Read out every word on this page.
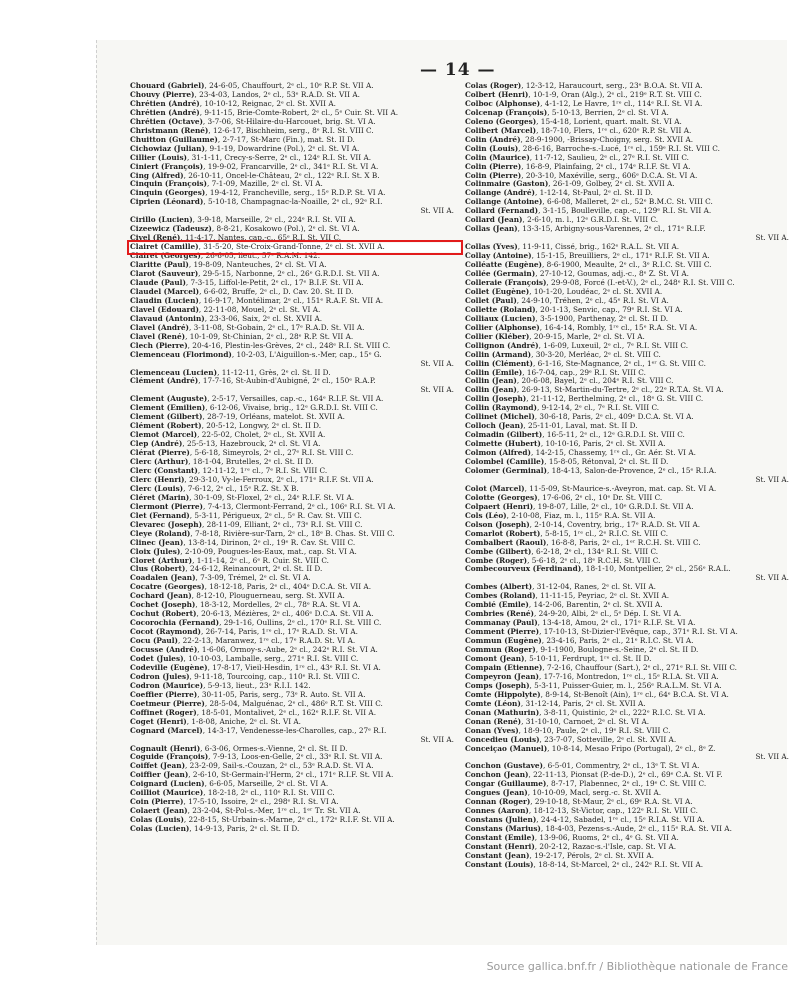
— 14 —
Chouard (Gabriel), 24-6-05, Chauffourt, 2ᵉ cl., 10ᵉ R.P. St. VII A.
Chouvy (Pierre), 23-4-03, Landos, 2ᵉ cl., 53ᵉ R.A.D. St. VII A.
Chrétien (André), 10-10-12, Reignac, 2ᵉ cl. St. XVII A.
Chrétien (André), 9-11-15, Brie-Comte-Robert, 2ᵉ cl., 5ᵉ Cuir. St. VII A.
Chrétien (Octave), 3-7-06, St-Hilaire-du-Harcouet, brig. St. VI A.
Christmann (René), 12-6-17, Bischheim, serg., 8ᵉ R.I. St. VIII C.
Chuitton (Guillaume), 2-7-17, St-Marc (Fin.), mat. St. II D.
Cichowiaz (Julian), 9-1-19, Dowardrine (Pol.), 2ᵉ cl. St. VI A.
Cillier (Louis), 31-1-11, Crecy-s-Serre, 2ᵉ cl., 124ᵉ R.I. St. VII A.
Ciniert (François), 19-9-02, Francarville, 2ᵉ cl., 341ᵉ R.I. St. VI A.
Cing (Alfred), 26-10-11, Oncel-le-Château, 2ᵉ cl., 122ᵉ R.I. St. X B.
Cinquin (François), 7-1-09, Mazille, 2ᵉ cl. St. VI A.
Cinquin (Georges), 19-4-12, Francheville, serg., 15ᵉ R.D.P. St. VI A.
Ciprien (Léonard), 5-10-18, Champagnac-la-Noaille, 2ᵉ cl., 92ᵉ R.I.
St. VII A.
Cirillo (Lucien), 3-9-18, Marseille, 2ᵉ cl., 224ᵉ R.I. St. VII A.
Cizeewicz (Tadeusz), 8-8-21, Kosakowo (Pol.), 2ᵉ cl. St. VI A.
Civel (René), 11-4-17, Nantes, cap.-c., 65ᵉ R.I. St. VII C.
Clairet (Camille), 31-5-20, Ste-Croix-Grand-Tonne, 2ᵉ cl. St. XVII A.
Clairet (Georges), 26-6-05, lieut., 57ᵉ R.A.M. 142.
Claritte (Paul), 19-8-09, Nanteuches, 2ᵉ cl. St. VI A.
Clarot (Sauveur), 29-5-15, Narbonne, 2ᵉ cl., 26ᵉ G.R.D.I. St. VII A.
Claude (Paul), 7-3-15, Liffol-le-Petit, 2ᵉ cl., 17ᵉ B.I.F. St. VII A.
Claudel (Marcel), 6-6-02, Bruffe, 2ᵉ cl., D. Cav. 20. St. II D.
Claudin (Lucien), 16-9-17, Montélimar, 2ᵉ cl., 151ᵉ R.A.F. St. VII A.
Clavel (Edouard), 22-11-08, Mouel, 2ᵉ cl. St. VI A.
Clavaud (Antonin), 23-3-06, Saix, 2ᵉ cl. St. XVII A.
Clavel (André), 3-11-08, St-Gobain, 2ᵉ cl., 17ᵉ R.A.D. St. VII A.
Clavel (René), 10-1-09, St-Chinian, 2ᵉ cl., 28ᵉ R.P. St. VII A.
Clech (Pierre), 20-4-16, Plestin-les-Grèves, 2ᵉ cl., 248ᵉ R.I. St. VIII C.
Clemenceau (Florimond), 10-2-03, L'Aiguillon-s.-Mer, cap., 15ᵉ G.
St. VII A.
Clemenceau (Lucien), 11-12-11, Grès, 2ᵉ cl. St. II D.
Clément (André), 17-7-16, St-Aubin-d'Aubigné, 2ᵉ cl., 150ᵉ R.A.P.
St. VII A.
Clement (Auguste), 2-5-17, Versailles, cap.-c., 164ᵉ R.I.F. St. VII A.
Clement (Emilien), 6-12-06, Vivaise, brig., 12ᵉ G.R.D.I. St. VIII C.
Clement (Gilbert), 28-7-19, Orléans, matelot. St. XVII A.
Clément (Robert), 20-5-12, Longwy, 2ᵉ cl. St. II D.
Clemot (Marcel), 22-5-02, Cholet, 2ᵉ cl., St. XVII A.
Clep (André), 25-5-13, Hazebrouck, 2ᵉ cl. St. VI A.
Clérat (Pierre), 5-6-18, Simeyrols, 2ᵉ cl., 27ᵉ R.I. St. VIII C.
Clerc (Arthur), 18-1-04, Brutelles, 2ᵉ cl. St. II D.
Clerc (Constant), 12-11-12, 1ʳᵉ cl., 7ᵉ R.I. St. VIII C.
Clerc (Henri), 29-3-10, Vy-le-Ferroux, 2ᵉ cl., 171ᵉ R.I.F. St. VII A.
Clerc (Louis), 7-6-12, 2ᵉ cl., 15ᵉ R.Z. St. X B.
Cléret (Marin), 30-1-09, St-Floxel, 2ᵉ cl., 24ᵉ R.I.F. St. VI A.
Clermont (Pierre), 7-4-13, Clermont-Ferrand, 2ᵉ cl., 106ᵉ R.I. St. VI A.
Clet (Fernand), 5-3-11, Périgueux, 2ᵉ cl., 5ᵉ R. Cav. St. VIII C.
Clevarec (Joseph), 28-11-09, Elliant, 2ᵉ cl., 73ᵉ R.I. St. VIII C.
Cleye (Roland), 7-8-18, Rivière-sur-Tarn, 2ᵉ cl., 18ᵉ B. Chas. St. VIII C.
Clinec (Jean), 13-8-14, Dirinon, 2ᵉ cl., 19ᵉ R. Cav. St. VIII C.
Cloix (Jules), 2-10-09, Pougues-les-Eaux, mat., cap. St. VI A.
Cloret (Arthur), 1-11-14, 2ᵉ cl., 6ᵉ R. Cuir. St. VIII C.
Clus (Robert), 24-6-12, Reinancourt, 2ᵉ cl. St. II D.
Coadalen (Jean), 7-3-09, Trémel, 2ᵉ cl. St. VI A.
Cocatre (Georges), 18-12-18, Paris, 2ᵉ cl., 404ᵉ D.C.A. St. VII A.
Cochard (Jean), 8-12-10, Plouguerneau, serg. St. XVII A.
Cochet (Joseph), 18-3-12, Mordelles, 2ᵉ cl., 78ᵉ R.A. St. VI A.
Cochut (Robert), 20-6-13, Mézières, 2ᵉ cl., 406ᵉ D.C.A. St. VII A.
Cocorochia (Fernand), 29-1-16, Oullins, 2ᵉ cl., 170ᵉ R.I. St. VIII C.
Cocot (Raymond), 26-7-14, Paris, 1ʳᵉ cl., 17ᵉ R.A.D. St. VI A.
Cocu (Paul), 22-2-13, Maranwez, 1ʳᵉ cl., 17ᵉ R.A.D. St. VI A.
Cocusse (André), 1-6-06, Ormoy-s.-Aube, 2ᵉ cl., 242ᵉ R.I. St. VI A.
Codet (Jules), 10-10-03, Lamballe, serg., 271ᵉ R.I. St. VIII C.
Codeville (Eugène), 17-8-17, Vieil-Hesdin, 1ʳᵉ cl., 43ᵉ R.I. St. VI A.
Codron (Jules), 9-11-18, Tourcoing, cap., 110ᵉ R.I. St. VIII C.
Codron (Maurice), 5-9-13, lieut., 23ᵉ R.I.I. 142.
Coeffier (Pierre), 30-11-05, Paris, serg., 73ᵉ R. Auto. St. VII A.
Coetmeur (Pierre), 28-5-04, Malguénac, 2ᵉ cl., 486ᵉ R.T. St. VIII C.
Coffinet (Roger), 18-5-01, Montalivet, 2ᵉ cl., 162ᵉ R.I.F. St. VII A.
Coget (Henri), 1-8-08, Aniche, 2ᵉ cl. St. VI A.
Cognard (Marcel), 14-3-17, Vendenesse-les-Charolles, cap., 27ᵉ R.I.
St. VII A.
Cognault (Henri), 6-3-06, Ormes-s.-Vienne, 2ᵉ cl. St. II D.
Coguide (François), 7-9-13, Loos-en-Gelle, 2ᵉ cl., 33ᵉ R.I. St. VII A.
Coiffet (Jean), 23-2-09, Sail-s.-Couzan, 2ᵉ cl., 53ᵉ R.A.D. St. VI A.
Coiffier (Jean), 2-6-10, St-Germain-l'Herm, 2ᵉ cl., 171ᵉ R.I.F. St. VII A.
Coignard (Lucien), 6-6-05, Marseille, 2ᵉ cl. St. VI A.
Coilliot (Maurice), 18-2-18, 2ᵉ cl., 110ᵉ R.I. St. VIII C.
Coin (Pierre), 17-5-10, Issoire, 2ᵉ cl., 298ᵉ R.I. St. VI A.
Colaert (Jean), 23-2-04, St-Pol-s.-Mer, 1ʳᵉ cl., 1ᵉʳ Tr. St. VII A.
Colas (Louis), 22-8-15, St-Urbain-s.-Marne, 2ᵉ cl., 172ᵉ R.I.F. St. VII A.
Colas (Lucien), 14-9-13, Paris, 2ᵉ cl. St. II D.
Colas (Roger), 12-3-12, Haraucourt, serg., 23ᵉ B.O.A. St. VII A.
Colbert (Henri), 10-1-9, Oran (Alg.), 2ᵉ cl., 219ᵉ R.T. St. VIII C.
Colboc (Alphonse), 4-1-12, Le Havre, 1ʳᵉ cl., 114ᵉ R.I. St. VI A.
Colcenap (François), 5-10-13, Berrien, 2ᵉ cl. St. VI A.
Coleno (Georges), 15-4-18, Lorient, quart. malt. St. VI A.
Colibert (Marcel), 18-7-10, Flers, 1ʳᵉ cl., 620ᵉ R.P. St. VII A.
Colin (André), 28-9-1900, -Brissay-Choigny, serg. St. XVII A.
Colin (Louis), 28-6-16, Barroche-s.-Lucé, 1ʳᵉ cl., 159ᵉ R.I. St. VIII C.
Colin (Maurice), 11-7-12, Saulieu, 2ᵉ cl., 27ᵉ R.I. St. VIII C.
Colin (Pierre), 16-8-9, Plainfaing, 2ᵉ cl., 174ᵉ R.I.F. St. VI A.
Colin (Pierre), 20-3-10, Maxéville, serg., 606ᵉ D.C.A. St. VI A.
Colinmaire (Gaston), 26-1-09, Golbey, 2ᵉ cl. St. XVII A.
Collange (André), 1-12-14, St-Paul, 2ᵉ cl. St. II D.
Collange (Antoine), 6-6-08, Malleret, 2ᵉ cl., 52ᵉ B.M.C. St. VIII C.
Collard (Fernand), 3-1-15, Boulleville, cap.-c., 129ᵉ R.I. St. VII A.
Collard (Jean), 2-6-10, m. l., 12ᵉ G.R.D.I. St. VIII C.
Collas (Jean), 13-3-15, Arbigny-sous-Varennes, 2ᵉ cl., 171ᵉ R.I.F.
St. VII A.
Collas (Yves), 11-9-11, Cissé, brig., 162ᵉ R.A.L. St. VII A.
Collay (Antoine), 15-1-15, Breuilliers, 2ᵉ cl., 171ᵉ R.I.F. St. VII A.
Colléatte (Eugène), 8-6-1900, Meaulte, 2ᵉ cl., 3ᵉ R.I.C. St. VIII C.
Collée (Germain), 27-10-12, Goumas, adj.-c., 8ᵉ Z. St. VI A.
Colleraie (François), 29-9-08, Forcé (I.-et-V.), 2ᵉ cl., 248ᵉ R.I. St. VIII C.
Collet (Eugène), 10-1-20, Loudéac, 2ᵉ cl. St. XVII A.
Collet (Paul), 24-9-10, Tréhen, 2ᵉ cl., 45ᵉ R.I. St. VI A.
Collette (Roland), 20-1-13, Senvic, cap., 79ᵉ R.I. St. VI A.
Colliaux (Lucien), 3-5-1900, Parthenay, 2ᵉ cl. St. II D.
Collier (Alphonse), 16-4-14, Rombly, 1ʳᵉ cl., 15ᵉ R.A. St. VI A.
Collier (Kléber), 20-9-15, Marle, 2ᵉ cl. St. VI A.
Collignon (André), 1-6-09, Luxeuil, 2ᵉ cl., 7ᵉ R.I. St. VIII C.
Collin (Armand), 30-3-20, Merléac, 2ᵉ cl. St. VIII C.
Collin (Clément), 6-1-16, Ste-Magnance, 2ᵉ cl., 1ᵉʳ G. St. VIII C.
Collin (Emile), 16-7-04, cap., 29ᵉ R.I. St. VIII C.
Collin (Jean), 20-6-08, Bayel, 2ᵉ cl., 204ᵉ R.I. St. VIII C.
Collin (Jean), 26-9-13, St-Martin-du-Tertre, 2ᵉ cl., 22ᵉ R.T.A. St. VI A.
Collin (Joseph), 21-11-12, Berthelming, 2ᵉ cl., 18ᵉ G. St. VIII C.
Collin (Raymond), 9-12-14, 2ᵉ cl., 7ᵉ R.I. St. VIII C.
Collinet (Michel), 30-6-18, Paris, 2ᵉ cl., 409ᵉ D.C.A. St. VI A.
Colloch (Jean), 25-11-01, Laval, mat. St. II D.
Colmadin (Gilbert), 16-5-11, 2ᵉ cl., 12ᵉ G.R.D.I. St. VIII C.
Colmette (Hubert), 10-10-16, Paris, 2ᵉ cl. St. XVII A.
Colmon (Alfred), 14-2-15, Chassemy, 1ʳᵉ cl., Gr. Aér. St. VI A.
Colombel (Camille), 15-8-05, Rétonval, 2ᵉ cl. St. II D.
Colomer (Germinal), 18-4-13, Salon-de-Provence, 2ᵉ cl., 15ᵉ R.I.A.
St. VII A.
Colot (Marcel), 11-5-09, St-Maurice-s.-Aveyron, mat. cap. St. VI A.
Colotte (Georges), 17-6-06, 2ᵉ cl., 10ᵉ Dr. St. VIII C.
Colpaert (Henri), 19-8-07, Lille, 2ᵉ cl., 10ᵉ G.R.D.I. St. VII A.
Cols (Léo), 2-10-08, Fiaz, m. l., 115ᵉ R.A. St. VII A.
Colson (Joseph), 2-10-14, Coventry, brig., 17ᵉ R.A.D. St. VII A.
Comarlot (Robert), 5-8-15, 1ʳᵉ cl., 2ᵉ R.I.C. St. VIII C.
Combalbert (Raoul), 16-8-8, Paris, 2ᵉ cl., 1ᵉʳ R.C.H. St. VIII C.
Combe (Gilbert), 6-2-18, 2ᵉ cl., 134ᵉ R.I. St. VIII C.
Combe (Roger), 5-6-18, 2ᵉ cl., 18ᵉ R.C.H. St. VIII C.
Combecourveux (Ferdinand), 18-1-10, Montpellier, 2ᵉ cl., 256ᵉ R.A.L.
St. VII A.
Combes (Albert), 31-12-04, Ranes, 2ᵉ cl. St. VII A.
Combes (Roland), 11-11-15, Peyriac, 2ᵉ cl. St. XVII A.
Combié (Emile), 14-2-06, Barentin, 2ᵉ cl. St. XVII A.
Combries (René), 24-9-20, Albi, 2ᵉ cl., 5ᵉ Dép. I. St. VI A.
Commanay (Paul), 13-4-18, Amou, 2ᵉ cl., 171ᵉ R.I.F. St. VI A.
Comment (Pierre), 17-10-13, St-Dizier-l'Evêque, cap., 371ᵉ R.I. St. VI A.
Commun (Eugène), 23-4-16, Paris, 2ᵉ cl., 21ᵉ R.I.C. St. VI A.
Commun (Roger), 9-1-1900, Boulogne-s.-Seine, 2ᵉ cl. St. II D.
Comont (Jean), 5-10-11, Ferdrupt, 1ʳᵉ cl. St. II D.
Compain (Etienne), 7-2-16, Chauffour (Sart.), 2ᵉ cl., 271ᵉ R.I. St. VIII C.
Compeyron (Jean), 17-7-16, Montredon, 1ʳᵉ cl., 15ᵉ R.I.A. St. VII A.
Comps (Joseph), 5-3-11, Puisser-Guier, m. l., 256ᵉ R.A.L.M. St. VI A.
Comte (Hippolyte), 8-9-14, St-Benoît (Ain), 1ʳᵉ cl., 64ᵉ B.C.A. St. VI A.
Comte (Léon), 31-12-14, Paris, 2ᵉ cl. St. XVII A.
Conan (Mathurin), 3-8-11, Quistinic, 2ᵉ cl., 222ᵉ R.I.C. St. VI A.
Conan (René), 31-10-10, Carnoet, 2ᵉ cl. St. VI A.
Conan (Yves), 18-9-10, Paule, 2ᵉ cl., 19ᵉ R.I. St. VIII C.
Concedieu (Louis), 23-7-07, Sotteville, 2ᵉ cl. St. XVII A.
Conceiçao (Manuel), 10-8-14, Mesao Fripo (Portugal), 2ᵉ cl., 8ᵉ Z.
St. VII A.
Conchon (Gustave), 6-5-01, Commentry, 2ᵉ cl., 13ᵉ T. St. VI A.
Conchon (Jean), 22-11-13, Pionsat (P.-de-D.), 2ᵉ cl., 69ᵉ C.A. St. VI F.
Congar (Guillaume), 8-7-17, Plabennec, 2ᵉ cl., 19ᵉ C. St. VIII C.
Congues (Jean), 10-10-09, Macl, serg.-c. St. XVII A.
Connan (Roger), 29-10-18, St-Maur, 2ᵉ cl., 69ᵉ R.A. St. VI A.
Connes (Aaron), 18-12-13, St-Victor, cap., 122ᵉ R.I. St. VIII C.
Constans (Julien), 24-4-12, Sabadel, 1ʳᵉ cl., 15ᵉ R.I.A. St. VII A.
Constans (Marius), 18-4-03, Pezens-s.-Aude, 2ᵉ cl., 115ᵉ R.A. St. VII A.
Constant (Emile), 13-9-06, Ruoms, 2ᵉ cl., 4ᵉ G. St. VII A.
Constant (Henri), 20-2-12, Razac-s.-l'Isle, cap. St. VI A.
Constant (Jean), 19-2-17, Pérols, 2ᵉ cl. St. XVII A.
Constant (Louis), 18-8-14, St-Marcel, 2ᵉ cl., 242ᵉ R.I. St. VII A.
Source gallica.bnf.fr / Bibliothèque nationale de France
